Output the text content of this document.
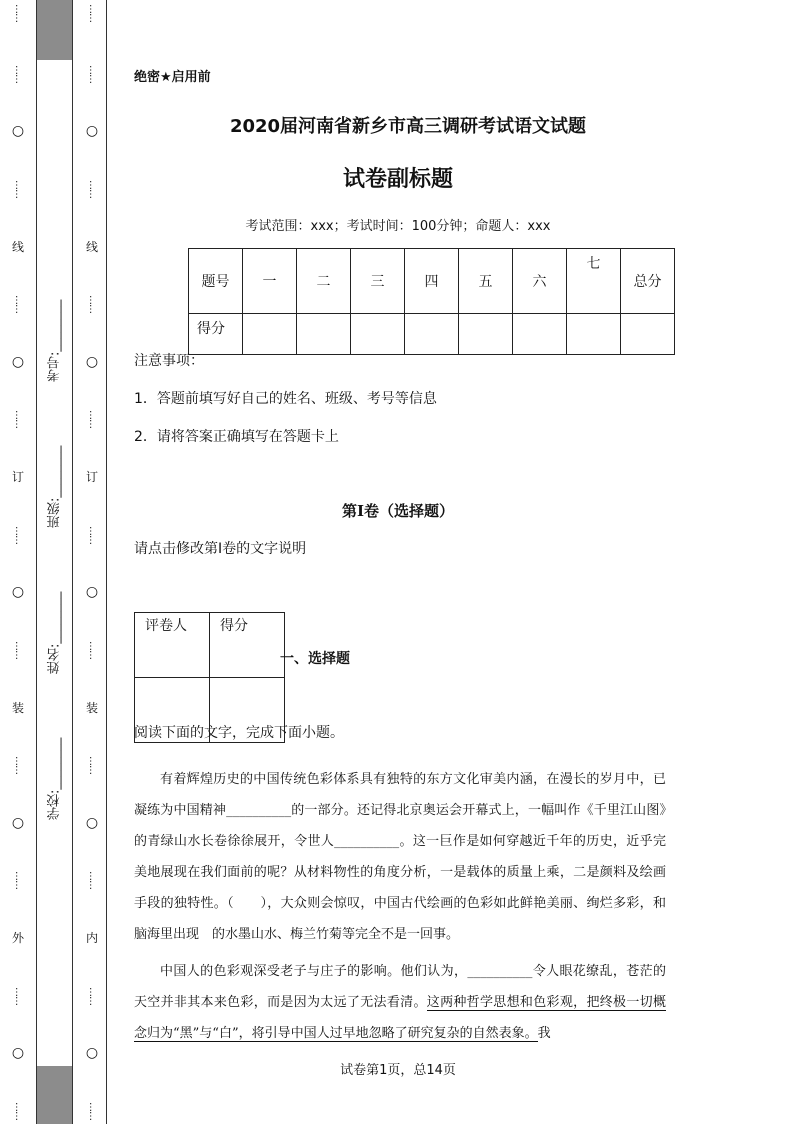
……
……
○
……
线
……
○
……
订
……
○
……
装
……
○
……
外
……
○
……
学校:________
姓名:________
班级:________
考号:________
……
……
○
……
线
……
○
……
订
……
○
……
装
……
○
……
内
……
○
……
绝密★启用前
2020届河南省新乡市高三调研考试语文试题
试卷副标题
考试范围：xxx；考试时间：100分钟；命题人：xxx
题号	一	二	三	四	五	六	七	总分
得分								

注意事项：

1．答题前填写好自己的姓名、班级、考号等信息

2．请将答案正确填写在答题卡上

第I卷（选择题）
请点击修改第I卷的文字说明
评卷人	得分

一、选择题
阅读下面的文字，完成下面小题。

有着辉煌历史的中国传统色彩体系具有独特的东方文化审美内涵，在漫长的岁月中，已凝练为中国精神__________的一部分。还记得北京奥运会开幕式上，一幅叫作《千里江山图》的青绿山水长卷徐徐展开，令世人__________。这一巨作是如何穿越近千年的历史，近乎完美地展现在我们面前的呢？从材料物性的角度分析，一是载体的质量上乘，二是颜料及绘画手段的独特性。（　　），大众则会惊叹，中国古代绘画的色彩如此鲜艳美丽、绚烂多彩，和脑海里出现　的水墨山水、梅兰竹菊等完全不是一回事。

中国人的色彩观深受老子与庄子的影响。他们认为，__________令人眼花缭乱，苍茫的天空并非其本来色彩，而是因为太远了无法看清。这两种哲学思想和色彩观，把终极一切概念归为“黑”与“白”，将引导中国人过早地忽略了研究复杂的自然表象。我

试卷第1页，总14页
